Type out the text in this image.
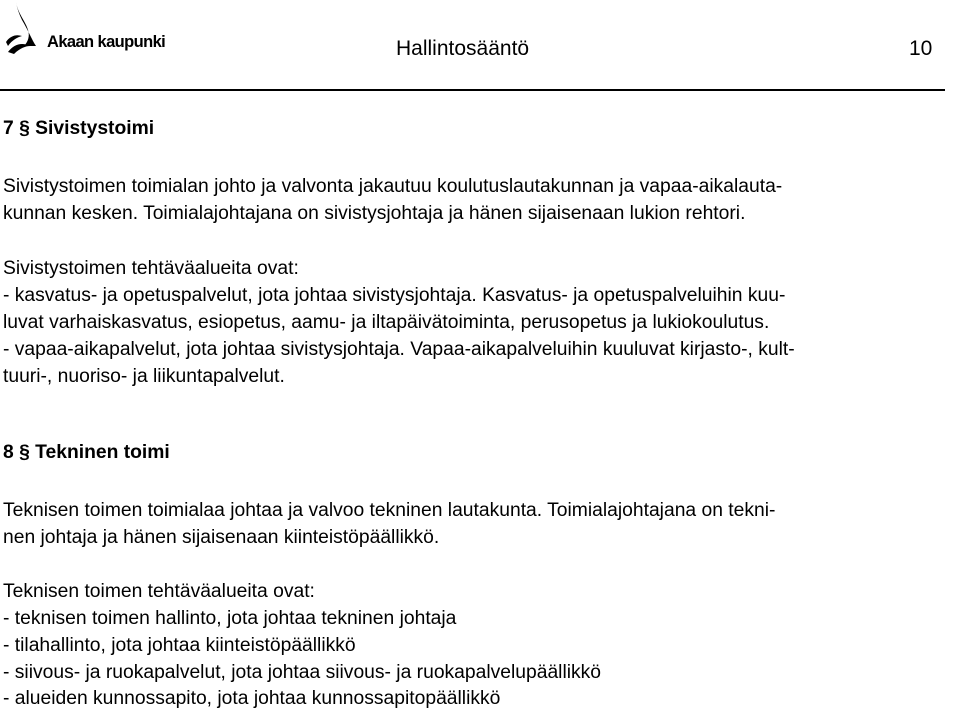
Akaan kaupunki	Hallintosääntö	10
7 § Sivistystoimi
Sivistystoimen toimialan johto ja valvonta jakautuu koulutuslautakunnan ja vapaa-aikalauta-
kunnan kesken. Toimialajohtajana on sivistysjohtaja ja hänen sijaisenaan lukion rehtori.
Sivistystoimen tehtäväalueita ovat:
- kasvatus- ja opetuspalvelut, jota johtaa sivistysjohtaja. Kasvatus- ja opetuspalveluihin kuu-
luvat varhaiskasvatus, esiopetus, aamu- ja iltapäivätoiminta, perusopetus ja lukiokoulutus.
- vapaa-aikapalvelut, jota johtaa sivistysjohtaja. Vapaa-aikapalveluihin kuuluvat kirjasto-, kult-
tuuri-, nuoriso- ja liikuntapalvelut.
8 § Tekninen toimi
Teknisen toimen toimialaa johtaa ja valvoo tekninen lautakunta. Toimialajohtajana on tekni-
nen johtaja ja hänen sijaisenaan kiinteistöpäällikkö.
Teknisen toimen tehtäväalueita ovat:
- teknisen toimen hallinto, jota johtaa tekninen johtaja
- tilahallinto, jota johtaa kiinteistöpäällikkö
- siivous- ja ruokapalvelut, jota johtaa siivous- ja ruokapalvelupäällikkö
- alueiden kunnossapito, jota johtaa kunnossapitopäällikkö
